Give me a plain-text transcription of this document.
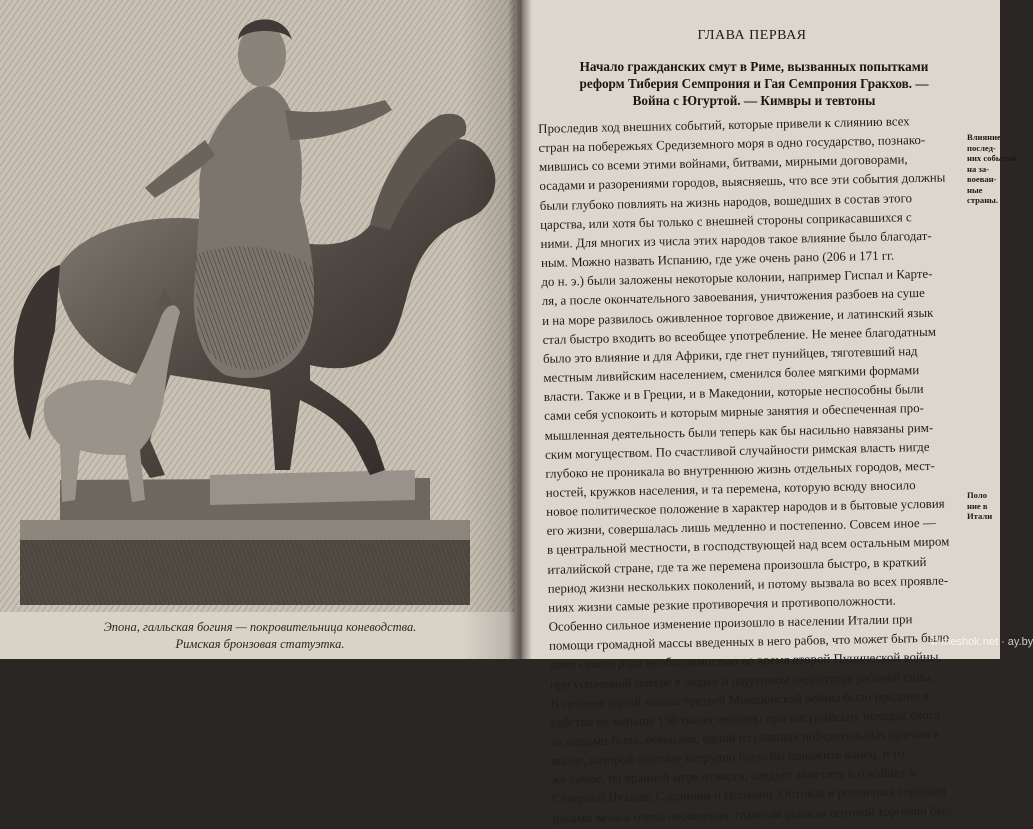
Эпона, галльская богиня — покровительница коневодства.
Римская бронзовая статуэтка.
ГЛАВА ПЕРВАЯ
Начало гражданских смут в Риме, вызванных попытками
реформ Тиберия Семпрония и Гая Семпрония Гракхов. —
Война с Югуртой. — Кимвры и тевтоны
Проследив ход внешних событий, которые привели к слиянию всех
стран на побережьях Средиземного моря в одно государство, познако-
мившись со всеми этими войнами, битвами, мирными договорами,
осадами и разорениями городов, выясняешь, что все эти события должны
были глубоко повлиять на жизнь народов, вошедших в состав этого
царства, или хотя бы только с внешней стороны соприкасавшихся с
ними. Для многих из числа этих народов такое влияние было благодат-
ным. Можно назвать Испанию, где уже очень рано (206 и 171 гг.
до н. э.) были заложены некоторые колонии, например Гиспал и Карте-
ля, а после окончательного завоевания, уничтожения разбоев на суше
и на море развилось оживленное торговое движение, и латинский язык
стал быстро входить во всеобщее употребление. Не менее благодатным
было это влияние и для Африки, где гнет пунийцев, тяготевший над
местным ливийским населением, сменился более мягкими формами
власти. Также и в Греции, и в Македонии, которые неспособны были
сами себя успокоить и которым мирные занятия и обеспеченная про-
мышленная деятельность были теперь как бы насильно навязаны рим-
ским могуществом. По счастливой случайности римская власть нигде
глубоко не проникала во внутреннюю жизнь отдельных городов, мест-
ностей, кружков населения, и та перемена, которую всюду вносило
новое политическое положение в характер народов и в бытовые условия
его жизни, совершалась лишь медленно и постепенно. Совсем иное —
в центральной местности, в господствующей над всем остальным миром
италийской стране, где та же перемена произошла быстро, в краткий
период жизни нескольких поколений, и потому вызвала во всех проявле-
ниях жизни самые резкие противоречия и противоположности.
Особенно сильное изменение произошло в населении Италии при
помощи громадной массы введенных в него рабов, что может быть было
даже своего рода необходимостью во время второй Пунической войны,
при усиленной потере в людях и ощутимом недостатке рабочей силы.
В течение одной только третьей Македонской войны было продано в
рабство не меньше 150 тысяч человек; при лигурийских походах охота
за людьми была, очевидно, одной из главных побудительных причин к
войне, которой поэтому нетрудно было бы положить конец, и то
же самое, по крайней мере отчасти, следует заметить и о войнах в
Северной Италии, Сардинии и Испании. Оптовая и розничная торговля
рабами велась очень оживленно, главным рынком оптовой торговли был
Влияние
послед-
них событий
на за-
воеван-
ные
страны.
Поло
ние в
Итали
© meshok.net · ay.by
